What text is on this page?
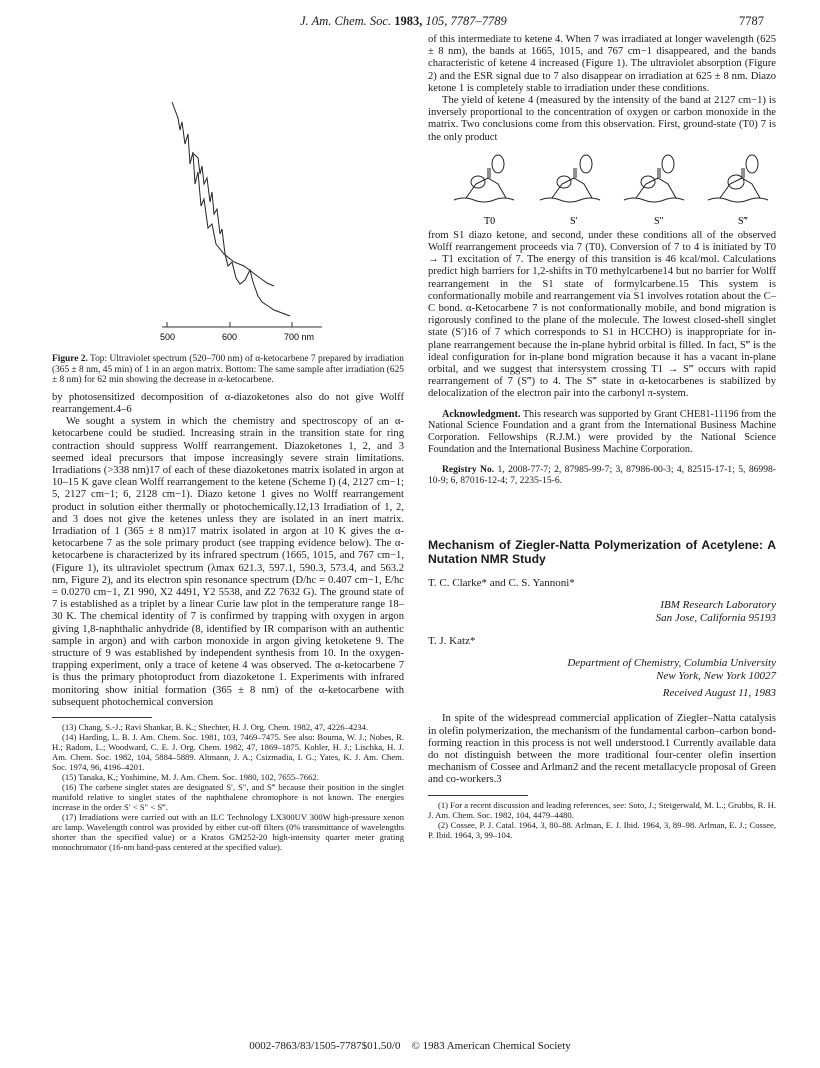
J. Am. Chem. Soc. 1983, 105, 7787–7789	7787
500	600	700 nm

Figure 2. Top: Ultraviolet spectrum (520–700 nm) of α-ketocarbene 7 prepared by irradiation (365 ± 8 nm, 45 min) of 1 in an argon matrix. Bottom: The same sample after irradiation (625 ± 8 nm) for 62 min showing the decrease in α-ketocarbene.

by photosensitized decomposition of α-diazoketones also do not give Wolff rearrangement.4–6

We sought a system in which the chemistry and spectroscopy of an α-ketocarbene could be studied. Increasing strain in the transition state for ring contraction should suppress Wolff rearrangement. Diazoketones 1, 2, and 3 seemed ideal precursors that impose increasingly severe strain limitations. Irradiations (>338 nm)17 of each of these diazoketones matrix isolated in argon at 10–15 K gave clean Wolff rearrangement to the ketene (Scheme I) (4, 2127 cm−1; 5, 2127 cm−1; 6, 2128 cm−1). Diazo ketone 1 gives no Wolff rearrangement product in solution either thermally or photochemically.12,13 Irradiation of 1, 2, and 3 does not give the ketenes unless they are isolated in an inert matrix. Irradiation of 1 (365 ± 8 nm)17 matrix isolated in argon at 10 K gives the α-ketocarbene 7 as the sole primary product (see trapping evidence below). The α-ketocarbene is characterized by its infrared spectrum (1665, 1015, and 767 cm−1, (Figure 1), its ultraviolet spectrum (λmax 621.3, 597.1, 590.3, 573.4, and 563.2 nm, Figure 2), and its electron spin resonance spectrum (D/hc = 0.407 cm−1, E/hc = 0.0270 cm−1, Z1 990, X2 4491, Y2 5538, and Z2 7632 G). The ground state of 7 is established as a triplet by a linear Curie law plot in the temperature range 18–30 K. The chemical identity of 7 is confirmed by trapping with oxygen in argon giving 1,8-naphthalic anhydride (8, identified by IR comparison with an authentic sample in argon) and with carbon monoxide in argon giving ketoketene 9. The structure of 9 was established by independent synthesis from 10. In the oxygen-trapping experiment, only a trace of ketene 4 was observed. The α-ketocarbene 7 is thus the primary photoproduct from diazoketone 1. Experiments with infrared monitoring show initial formation (365 ± 8 nm) of the α-ketocarbene with subsequent photochemical conversion

(13) Chang, S.-J.; Ravi Shankar, B. K.; Shechter, H. J. Org. Chem. 1982, 47, 4226–4234.

(14) Harding, L. B. J. Am. Chem. Soc. 1981, 103, 7469–7475. See also: Bouma, W. J.; Nobes, R. H.; Radom, L.; Woodward, C. E. J. Org. Chem. 1982, 47, 1869–1875. Kohler, H. J.; Lischka, H. J. Am. Chem. Soc. 1982, 104, 5884–5889. Altmann, J. A.; Csizmadia, I. G.; Yates, K. J. Am. Chem. Soc. 1974, 96, 4196–4201.

(15) Tanaka, K.; Yoshimine, M. J. Am. Chem. Soc. 1980, 102, 7655–7662.

(16) The carbene singlet states are designated S′, S″, and S‴ because their position in the singlet manifold relative to singlet states of the naphthalene chromophore is not known. The energies increase in the order S′ < S″ < S‴.

(17) Irradiations were carried out with an ILC Technology LX300UV 300W high-pressure xenon arc lamp. Wavelength control was provided by either cut-off filters (0% transmittance of wavelengths shorter than the specified value) or a Kratos GM252-20 high-intensity quarter meter grating monochromator (16-nm band-pass centered at the specified value).

of this intermediate to ketene 4. When 7 was irradiated at longer wavelength (625 ± 8 nm), the bands at 1665, 1015, and 767 cm−1 disappeared, and the bands characteristic of ketene 4 increased (Figure 1). The ultraviolet absorption (Figure 2) and the ESR signal due to 7 also disappear on irradiation at 625 ± 8 nm. Diazo ketone 1 is completely stable to irradiation under these conditions.

The yield of ketene 4 (measured by the intensity of the band at 2127 cm−1) is inversely proportional to the concentration of oxygen or carbon monoxide in the matrix. Two conclusions come from this observation. First, ground-state (T0) 7 is the only product

T0	S′	S″	S‴

from S1 diazo ketone, and second, under these conditions all of the observed Wolff rearrangement proceeds via 7 (T0). Conversion of 7 to 4 is initiated by T0 → T1 excitation of 7. The energy of this transition is 46 kcal/mol. Calculations predict high barriers for 1,2-shifts in T0 methylcarbene14 but no barrier for Wolff rearrangement in the S1 state of formylcarbene.15 This system is conformationally mobile and rearrangement via S1 involves rotation about the C–C bond. α-Ketocarbene 7 is not conformationally mobile, and bond migration is rigorously confined to the plane of the molecule. The lowest closed-shell singlet state (S′)16 of 7 which corresponds to S1 in HCCHO) is inappropriate for in-plane rearrangement because the in-plane hybrid orbital is filled. In fact, S‴ is the ideal configuration for in-plane bond migration because it has a vacant in-plane orbital, and we suggest that intersystem crossing T1 → S‴ occurs with rapid rearrangement of 7 (S‴) to 4. The S‴ state in α-ketocarbenes is stabilized by delocalization of the electron pair into the carbonyl π-system.

Acknowledgment. This research was supported by Grant CHE81-11196 from the National Science Foundation and a grant from the International Business Machine Corporation. Fellowships (R.J.M.) were provided by the National Science Foundation and the International Business Machine Corporation.

Registry No. 1, 2008-77-7; 2, 87985-99-7; 3, 87986-00-3; 4, 82515-17-1; 5, 86998-10-9; 6, 87016-12-4; 7, 2235-15-6.

Mechanism of Ziegler-Natta Polymerization of Acetylene: A Nutation NMR Study
T. C. Clarke* and C. S. Yannoni*
IBM Research Laboratory
San Jose, California 95193
T. J. Katz*
Department of Chemistry, Columbia University
New York, New York 10027
Received August 11, 1983

In spite of the widespread commercial application of Ziegler–Natta catalysis in olefin polymerization, the mechanism of the fundamental carbon–carbon bond-forming reaction in this process is not well understood.1 Currently available data do not distinguish between the more traditional four-center olefin insertion mechanism of Cossee and Arlman2 and the recent metallacycle proposal of Green and co-workers.3

(1) For a recent discussion and leading references, see: Soto, J.; Steigerwald, M. L.; Grubbs, R. H. J. Am. Chem. Soc. 1982, 104, 4479–4480.

(2) Cossee, P. J. Catal. 1964, 3, 80–88. Arlman, E. J. Ibid. 1964, 3, 89–98. Arlman, E. J.; Cossee, P. Ibid. 1964, 3, 99–104.

0002-7863/83/1505-7787$01.50/0 © 1983 American Chemical Society
